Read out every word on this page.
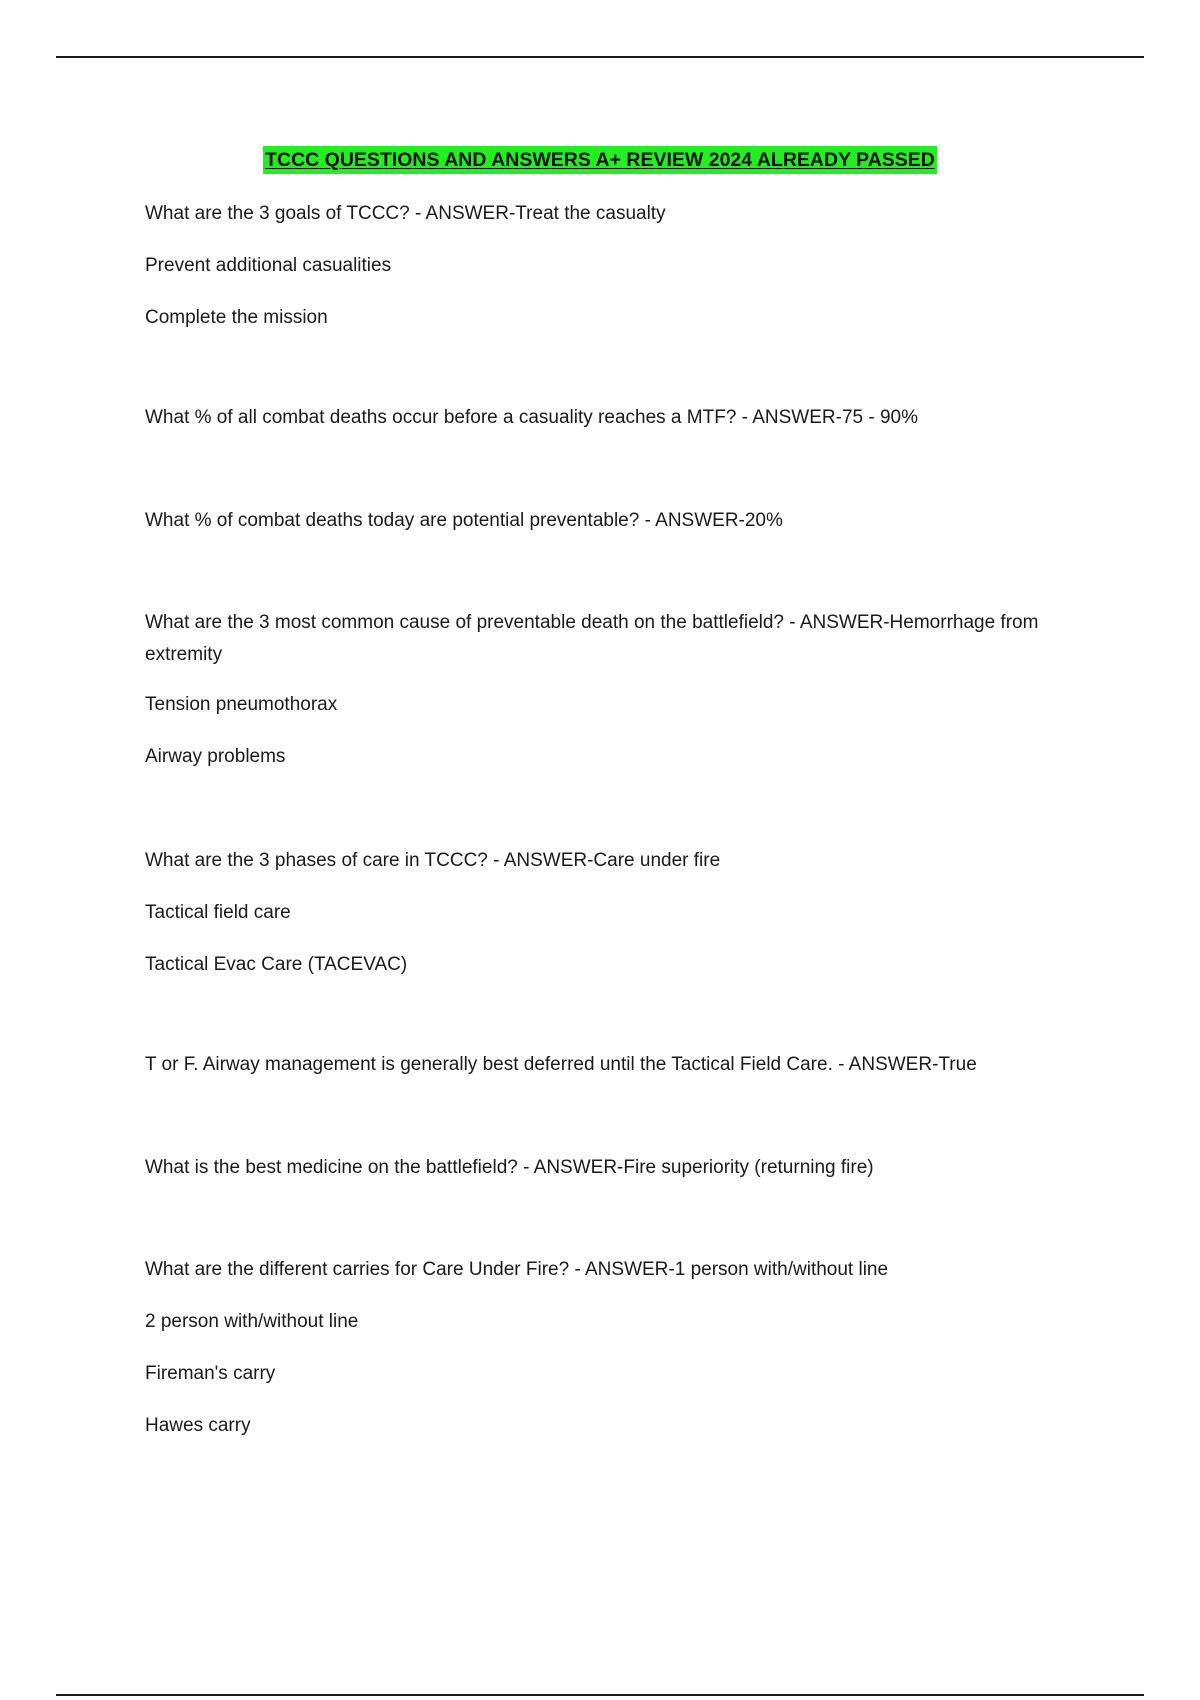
TCCC QUESTIONS AND ANSWERS A+ REVIEW 2024 ALREADY PASSED
What are the 3 goals of TCCC? - ANSWER-Treat the casualty
Prevent additional casualities
Complete the mission
What % of all combat deaths occur before a casuality reaches a MTF? - ANSWER-75 - 90%
What % of combat deaths today are potential preventable? - ANSWER-20%
What are the 3 most common cause of preventable death on the battlefield? - ANSWER-Hemorrhage from extremity
Tension pneumothorax
Airway problems
What are the 3 phases of care in TCCC? - ANSWER-Care under fire
Tactical field care
Tactical Evac Care (TACEVAC)
T or F. Airway management is generally best deferred until the Tactical Field Care. - ANSWER-True
What is the best medicine on the battlefield? - ANSWER-Fire superiority (returning fire)
What are the different carries for Care Under Fire? - ANSWER-1 person with/without line
2 person with/without line
Fireman's carry
Hawes carry
